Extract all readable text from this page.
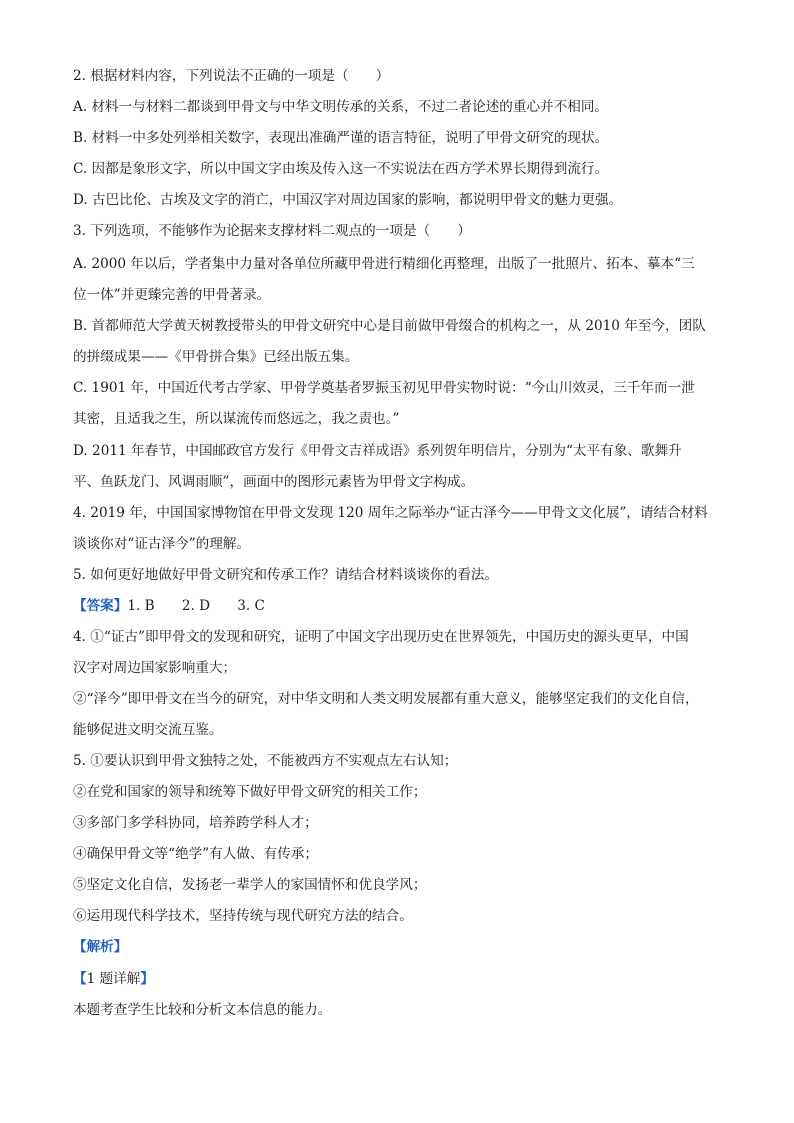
2. 根据材料内容，下列说法不正确的一项是（　　）
A. 材料一与材料二都谈到甲骨文与中华文明传承的关系，不过二者论述的重心并不相同。
B. 材料一中多处列举相关数字，表现出准确严谨的语言特征，说明了甲骨文研究的现状。
C. 因都是象形文字，所以中国文字由埃及传入这一不实说法在西方学术界长期得到流行。
D. 古巴比伦、古埃及文字的消亡，中国汉字对周边国家的影响，都说明甲骨文的魅力更强。
3. 下列选项，不能够作为论据来支撑材料二观点的一项是（　　）
A. 2000 年以后，学者集中力量对各单位所藏甲骨进行精细化再整理，出版了一批照片、拓本、摹本“三
位一体”并更臻完善的甲骨著录。
B. 首都师范大学黄天树教授带头的甲骨文研究中心是目前做甲骨缀合的机构之一，从 2010 年至今，团队
的拼缀成果——《甲骨拼合集》已经出版五集。
C. 1901 年，中国近代考古学家、甲骨学奠基者罗振玉初见甲骨实物时说：“今山川效灵，三千年而一泄
其密，且适我之生，所以谋流传而悠远之，我之责也。”
D. 2011 年春节，中国邮政官方发行《甲骨文吉祥成语》系列贺年明信片，分别为“太平有象、歌舞升
平、鱼跃龙门、风调雨顺”，画面中的图形元素皆为甲骨文字构成。
4. 2019 年，中国国家博物馆在甲骨文发现 120 周年之际举办“证古泽今——甲骨文文化展”，请结合材料
谈谈你对“证古泽今”的理解。
5. 如何更好地做好甲骨文研究和传承工作？请结合材料谈谈你的看法。
【答案】1. B　　2. D　　3. C
4. ①“证古”即甲骨文的发现和研究，证明了中国文字出现历史在世界领先，中国历史的源头更早，中国
汉字对周边国家影响重大；
②“泽今”即甲骨文在当今的研究，对中华文明和人类文明发展都有重大意义，能够坚定我们的文化自信，
能够促进文明交流互鉴。
5. ①要认识到甲骨文独特之处，不能被西方不实观点左右认知；
②在党和国家的领导和统筹下做好甲骨文研究的相关工作；
③多部门多学科协同，培养跨学科人才；
④确保甲骨文等“绝学”有人做、有传承；
⑤坚定文化自信，发扬老一辈学人的家国情怀和优良学风；
⑥运用现代科学技术，坚持传统与现代研究方法的结合。
【解析】
【1 题详解】
本题考查学生比较和分析文本信息的能力。
